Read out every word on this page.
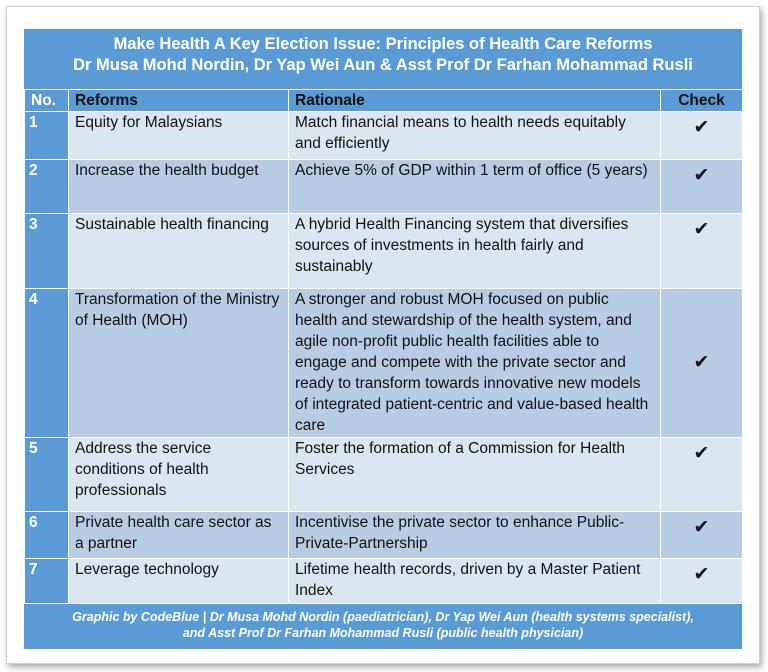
Make Health A Key Election Issue: Principles of Health Care Reforms
Dr Musa Mohd Nordin, Dr Yap Wei Aun & Asst Prof Dr Farhan Mohammad Rusli
No.	Reforms	Rationale	Check
1	Equity for Malaysians	Match financial means to health needs equitably and efficiently	✔
2	Increase the health budget	Achieve 5% of GDP within 1 term of office (5 years)	✔
3	Sustainable health financing	A hybrid Health Financing system that diversifies sources of investments in health fairly and sustainably	✔
4	Transformation of the Ministry of Health (MOH)	A stronger and robust MOH focused on public health and stewardship of the health system, and agile non-profit public health facilities able to engage and compete with the private sector and ready to transform towards innovative new models of integrated patient-centric and value-based health care	✔
5	Address the service conditions of health professionals	Foster the formation of a Commission for Health Services	✔
6	Private health care sector as a partner	Incentivise the private sector to enhance Public-Private-Partnership	✔
7	Leverage technology	Lifetime health records, driven by a Master Patient Index	✔
Graphic by CodeBlue | Dr Musa Mohd Nordin (paediatrician), Dr Yap Wei Aun (health systems specialist),
and Asst Prof Dr Farhan Mohammad Rusli (public health physician)
